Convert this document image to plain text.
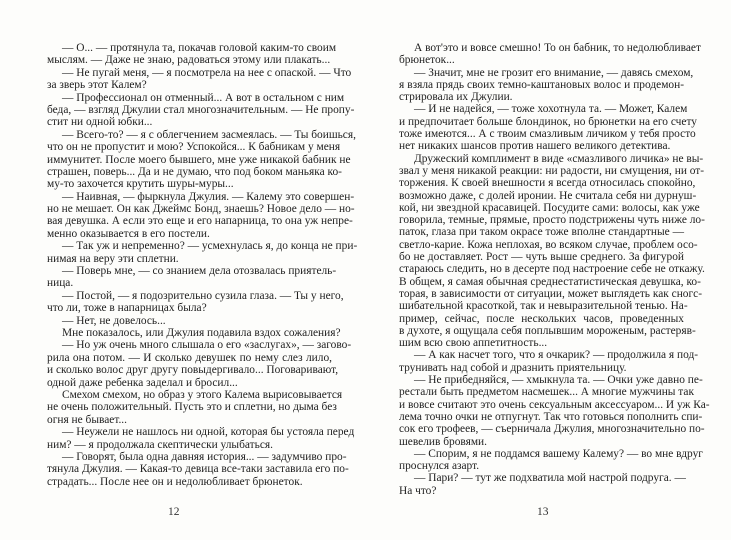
— О... — протянула та, покачав головой каким-то своим
мыслям. — Даже не знаю, радоваться этому или плакать...
— Не пугай меня, — я посмотрела на нее с опаской. — Что
за зверь этот Калем?
— Профессионал он отменный... А вот в остальном с ним
беда, — взгляд Джулии стал многозначительным. — Не пропу-
стит ни одной юбки...
— Всего-то? — я с облегчением засмеялась. — Ты боишься,
что он не пропустит и мою? Успокойся... К бабникам у меня
иммунитет. После моего бывшего, мне уже никакой бабник не
страшен, поверь... Да и не думаю, что под боком маньяка ко-
му-то захочется крутить шуры-муры...
— Наивная, — фыркнула Джулия. — Калему это совершен-
но не мешает. Он как Джеймс Бонд, знаешь? Новое дело — но-
вая девушка. А если это еще и его напарница, то она уж непре-
менно оказывается в его постели.
— Так уж и непременно? — усмехнулась я, до конца не при-
нимая на веру эти сплетни.
— Поверь мне, — со знанием дела отозвалась приятель-
ница.
— Постой, — я подозрительно сузила глаза. — Ты у него,
что ли, тоже в напарницах была?
— Нет, не довелось...
Мне показалось, или Джулия подавила вздох сожаления?
— Но уж очень много слышала о его «заслугах», — загово-
рила она потом. — И сколько девушек по нему слез лило,
и сколько волос друг другу повыдергивало... Поговаривают,
одной даже ребенка заделал и бросил...
Смехом смехом, но образ у этого Калема вырисовывается
не очень положительный. Пусть это и сплетни, но дыма без
огня не бывает...
— Неужели не нашлось ни одной, которая бы устояла перед
ним? — я продолжала скептически улыбаться.
— Говорят, была одна давняя история... — задумчиво про-
тянула Джулия. — Какая-то девица все-таки заставила его по-
страдать... После нее он и недолюбливает брюнеток.
А вот'это и вовсе смешно! То он бабник, то недолюбливает
брюнеток...
— Значит, мне не грозит его внимание, — давясь смехом,
я взяла прядь своих темно-каштановых волос и продемон-
стрировала их Джулии.
— И не надейся, — тоже хохотнула та. — Может, Калем
и предпочитает больше блондинок, но брюнетки на его счету
тоже имеются... А с твоим смазливым личиком у тебя просто
нет никаких шансов против нашего великого детектива.
Дружеский комплимент в виде «смазливого личика» не вы-
звал у меня никакой реакции: ни радости, ни смущения, ни от-
торжения. К своей внешности я всегда относилась спокойно,
возможно даже, с долей иронии. Не считала себя ни дурнуш-
кой, ни звездной красавицей. Посудите сами: волосы, как уже
говорила, темные, прямые, просто подстрижены чуть ниже ло-
паток, глаза при таком окрасе тоже вполне стандартные —
светло-карие. Кожа неплохая, во всяком случае, проблем осо-
бо не доставляет. Рост — чуть выше среднего. За фигурой
стараюсь следить, но в десерте под настроение себе не откажу.
В общем, я самая обычная среднестатистическая девушка, ко-
торая, в зависимости от ситуации, может выглядеть как сногс-
шибательной красоткой, так и невыразительной тенью. На-
пример, сейчас, после нескольких часов, проведенных
в духоте, я ощущала себя поплывшим мороженым, растеряв-
шим всю свою аппетитность...
— А как насчет того, что я очкарик? — продолжила я под-
трунивать над собой и дразнить приятельницу.
— Не прибедняйся, — хмыкнула та. — Очки уже давно пе-
рестали быть предметом насмешек... А многие мужчины так
и вовсе считают это очень сексуальным аксессуаром... И уж Ка-
лема точно очки не отпугнут. Так что готовься пополнить спи-
сок его трофеев, — съерничала Джулия, многозначительно по-
шевелив бровями.
— Спорим, я не поддамся вашему Калему? — во мне вдруг
проснулся азарт.
— Пари? — тут же подхватила мой настрой подруга. —
На что?
12	13
